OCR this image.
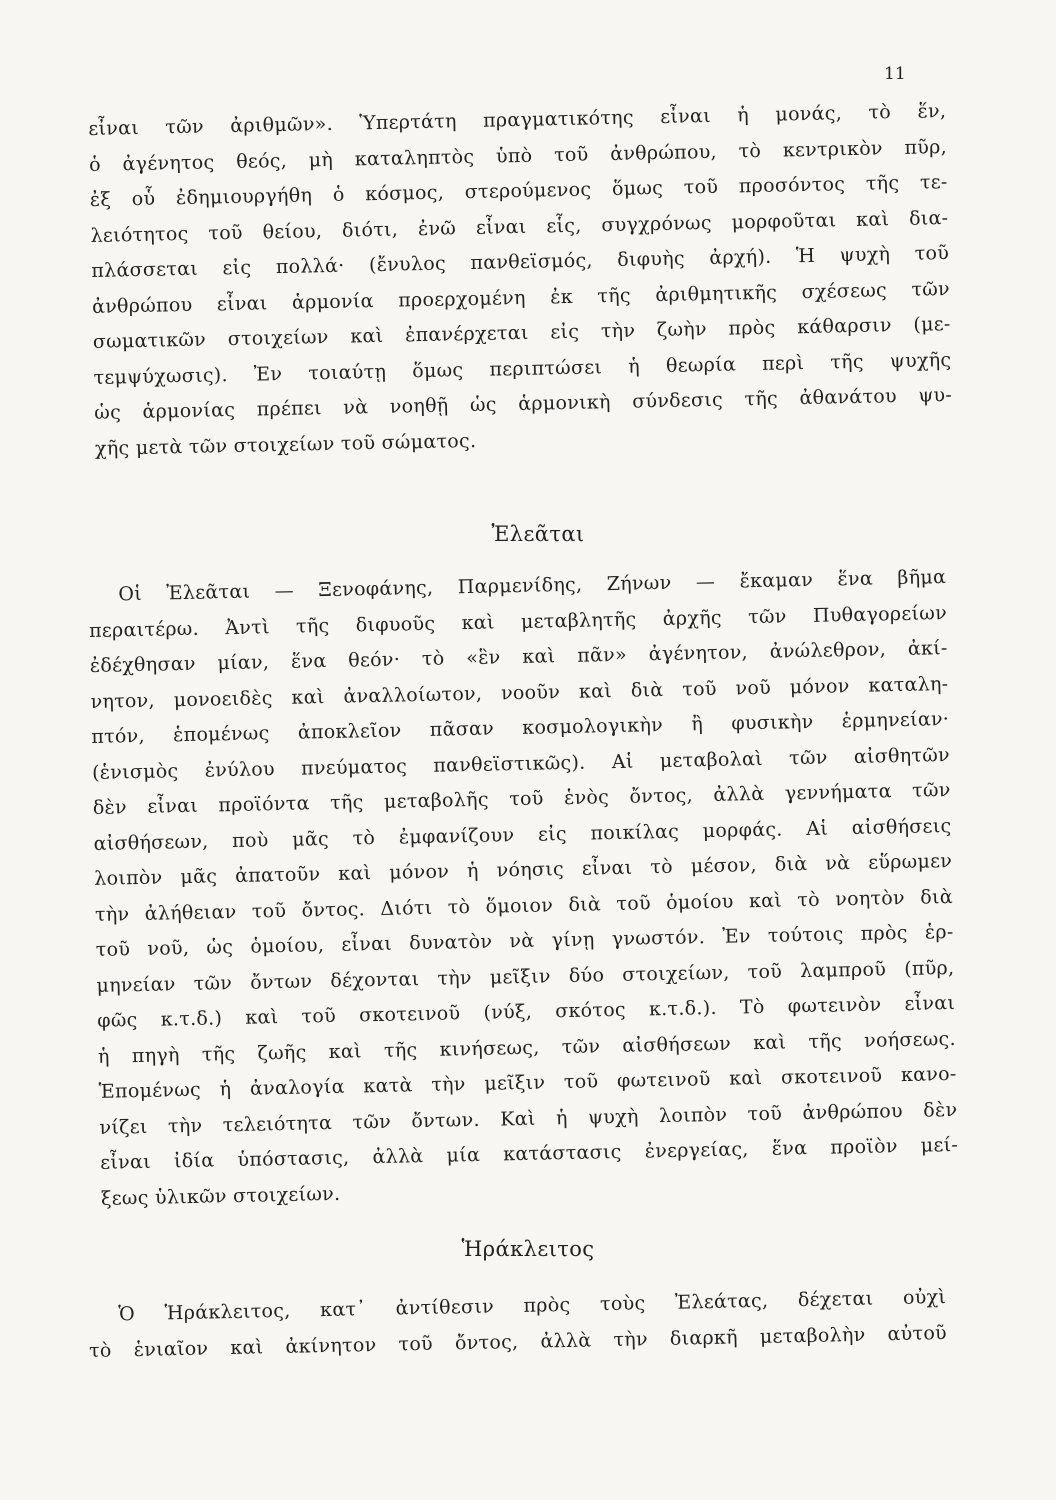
11
εἶναι τῶν ἀριθμῶν». Ὑπερτάτη πραγματικότης εἶναι ἡ μονάς, τὸ ἕν,
ὁ ἀγένητος θεός, μὴ καταληπτὸς ὑπὸ τοῦ ἀνθρώπου, τὸ κεντρικὸν πῦρ,
ἐξ οὗ ἐδημιουργήθη ὁ κόσμος, στερούμενος ὅμως τοῦ προσόντος τῆς τε-
λειότητος τοῦ θείου, διότι, ἐνῶ εἶναι εἷς, συγχρόνως μορφοῦται καὶ δια-
πλάσσεται εἰς πολλά· (ἔνυλος πανθεϊσμός, διφυὴς ἀρχή). Ἡ ψυχὴ τοῦ
ἀνθρώπου εἶναι ἁρμονία προερχομένη ἐκ τῆς ἀριθμητικῆς σχέσεως τῶν
σωματικῶν στοιχείων καὶ ἐπανέρχεται εἰς τὴν ζωὴν πρὸς κάθαρσιν (με-
τεμψύχωσις). Ἐν τοιαύτῃ ὅμως περιπτώσει ἡ θεωρία περὶ τῆς ψυχῆς
ὡς ἁρμονίας πρέπει νὰ νοηθῇ ὡς ἁρμονικὴ σύνδεσις τῆς ἀθανάτου ψυ-
χῆς μετὰ τῶν στοιχείων τοῦ σώματος.
Ἐλεᾶται
Οἱ Ἐλεᾶται — Ξενοφάνης, Παρμενίδης, Ζήνων — ἔκαμαν ἕνα βῆμα
περαιτέρω. Ἀντὶ τῆς διφυοῦς καὶ μεταβλητῆς ἀρχῆς τῶν Πυθαγορείων
ἐδέχθησαν μίαν, ἕνα θεόν· τὸ «ἓν καὶ πᾶν» ἀγένητον, ἀνώλεθρον, ἀκί-
νητον, μονοειδὲς καὶ ἀναλλοίωτον, νοοῦν καὶ διὰ τοῦ νοῦ μόνον καταλη-
πτόν, ἑπομένως ἀποκλεῖον πᾶσαν κοσμολογικὴν ἢ φυσικὴν ἑρμηνείαν·
(ἑνισμὸς ἐνύλου πνεύματος πανθεϊστικῶς). Αἱ μεταβολαὶ τῶν αἰσθητῶν
δὲν εἶναι προϊόντα τῆς μεταβολῆς τοῦ ἑνὸς ὄντος, ἀλλὰ γεννήματα τῶν
αἰσθήσεων, ποὺ μᾶς τὸ ἐμφανίζουν εἰς ποικίλας μορφάς. Αἱ αἰσθήσεις
λοιπὸν μᾶς ἀπατοῦν καὶ μόνον ἡ νόησις εἶναι τὸ μέσον, διὰ νὰ εὕρωμεν
τὴν ἀλήθειαν τοῦ ὄντος. Διότι τὸ ὅμοιον διὰ τοῦ ὁμοίου καὶ τὸ νοητὸν διὰ
τοῦ νοῦ, ὡς ὁμοίου, εἶναι δυνατὸν νὰ γίνῃ γνωστόν. Ἐν τούτοις πρὸς ἑρ-
μηνείαν τῶν ὄντων δέχονται τὴν μεῖξιν δύο στοιχείων, τοῦ λαμπροῦ (πῦρ,
φῶς κ.τ.δ.) καὶ τοῦ σκοτεινοῦ (νύξ, σκότος κ.τ.δ.). Τὸ φωτεινὸν εἶναι
ἡ πηγὴ τῆς ζωῆς καὶ τῆς κινήσεως, τῶν αἰσθήσεων καὶ τῆς νοήσεως.
Ἑπομένως ἡ ἀναλογία κατὰ τὴν μεῖξιν τοῦ φωτεινοῦ καὶ σκοτεινοῦ κανο-
νίζει τὴν τελειότητα τῶν ὄντων. Καὶ ἡ ψυχὴ λοιπὸν τοῦ ἀνθρώπου δὲν
εἶναι ἰδία ὑπόστασις, ἀλλὰ μία κατάστασις ἐνεργείας, ἕνα προϊὸν μεί-
ξεως ὑλικῶν στοιχείων.
Ἡράκλειτος
Ὁ Ἡράκλειτος, κατ᾿ ἀντίθεσιν πρὸς τοὺς Ἐλεάτας, δέχεται οὐχὶ
τὸ ἑνιαῖον καὶ ἀκίνητον τοῦ ὄντος, ἀλλὰ τὴν διαρκῆ μεταβολὴν αὐτοῦ
